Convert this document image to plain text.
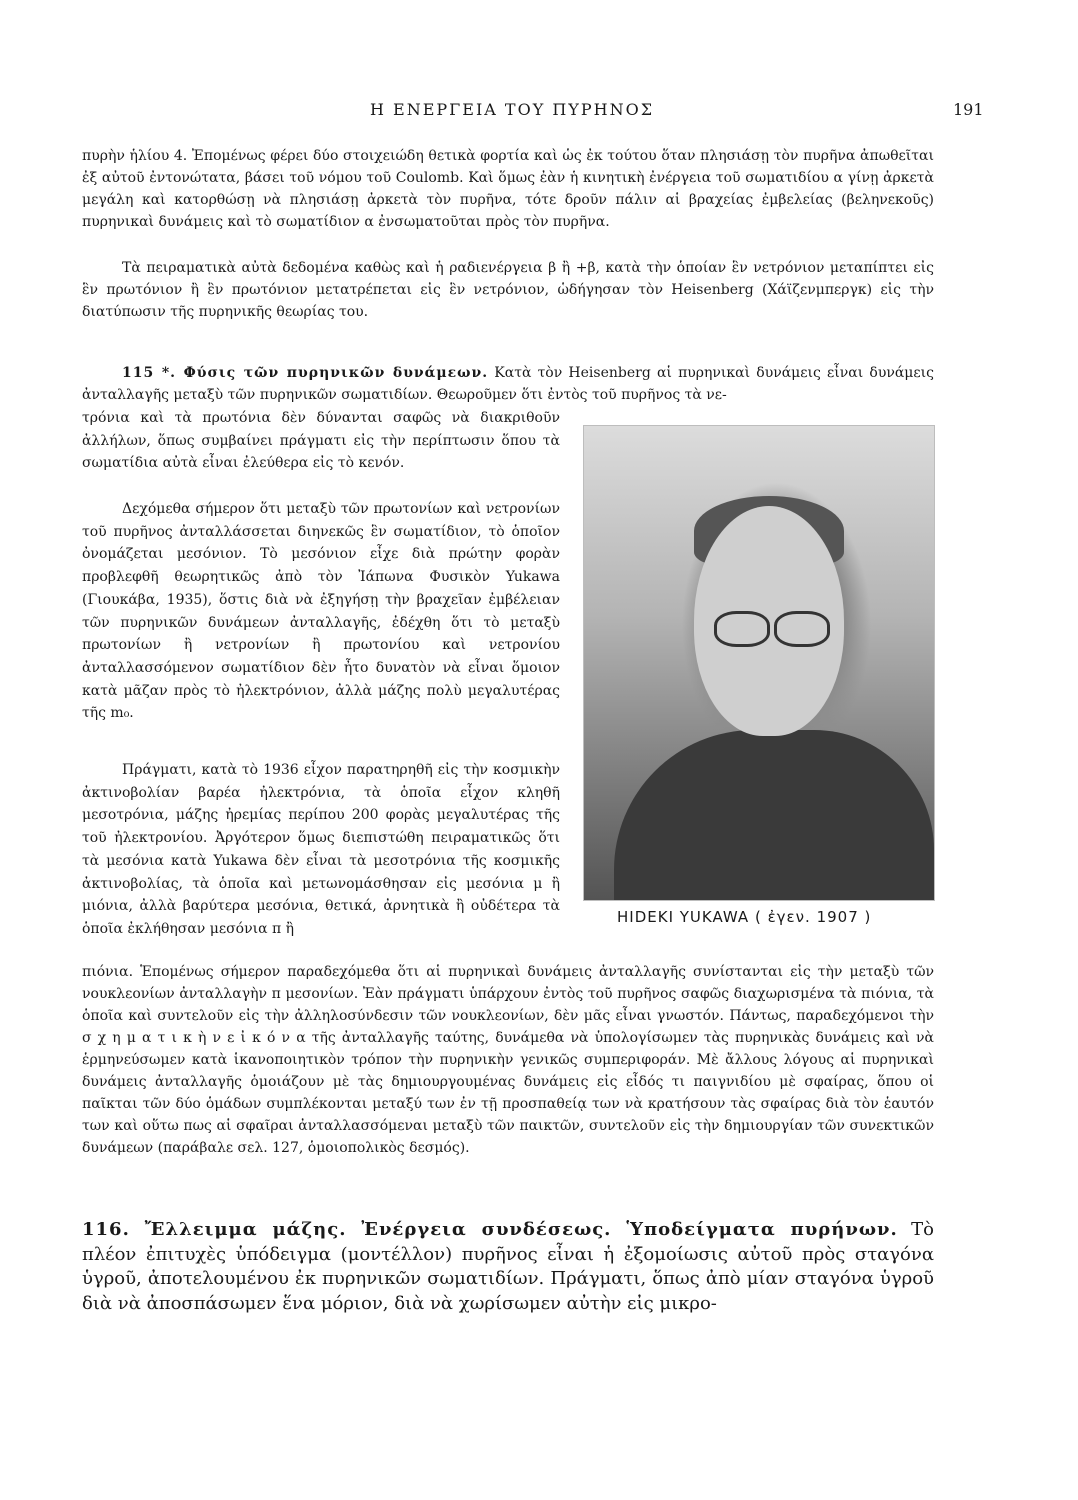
Η ΕΝΕΡΓΕΙΑ ΤΟΥ ΠΥΡΗΝΟΣ	191

πυρὴν ἡλίου 4. Ἐπομένως φέρει δύο στοιχειώδη θετικὰ φορτία καὶ ὡς ἐκ τούτου ὅταν πλησιάσῃ τὸν πυρῆνα ἀπωθεῖται ἐξ αὐτοῦ ἐντονώτατα, βάσει τοῦ νόμου τοῦ Coulomb. Καὶ ὅμως ἐὰν ἡ κινητικὴ ἐνέργεια τοῦ σωματιδίου α γίνῃ ἀρκετὰ μεγάλη καὶ κατορθώσῃ νὰ πλησιάσῃ ἀρκετὰ τὸν πυρῆνα, τότε δροῦν πάλιν αἱ βραχείας ἐμβελείας (βεληνεκοῦς) πυρηνικαὶ δυνάμεις καὶ τὸ σωματίδιον α ἐνσωματοῦται πρὸς τὸν πυρῆνα.

Τὰ πειραματικὰ αὐτὰ δεδομένα καθὼς καὶ ἡ ραδιενέργεια β ἢ +β, κατὰ τὴν ὁποίαν ἓν νετρόνιον μεταπίπτει εἰς ἓν πρωτόνιον ἢ ἓν πρωτόνιον μετατρέπεται εἰς ἓν νετρόνιον, ὡδήγησαν τὸν Heisenberg (Χάϊζενμπεργκ) εἰς τὴν διατύπωσιν τῆς πυρηνικῆς θεωρίας του.

115 *. Φύσις τῶν πυρηνικῶν δυνάμεων. Κατὰ τὸν Heisenberg αἱ πυρηνικαὶ δυνάμεις εἶναι δυνάμεις ἀνταλλαγῆς μεταξὺ τῶν πυρηνικῶν σωματιδίων. Θεωροῦμεν ὅτι ἐντὸς τοῦ πυρῆνος τὰ νε-

τρόνια καὶ τὰ πρωτόνια δὲν δύνανται σαφῶς νὰ διακριθοῦν ἀλλήλων, ὅπως συμβαίνει πράγματι εἰς τὴν περίπτωσιν ὅπου τὰ σωματίδια αὐτὰ εἶναι ἐλεύθερα εἰς τὸ κενόν.

Δεχόμεθα σήμερον ὅτι μεταξὺ τῶν πρωτονίων καὶ νετρονίων τοῦ πυρῆνος ἀνταλλάσσεται διηνεκῶς ἓν σωματίδιον, τὸ ὁποῖον ὀνομάζεται μεσόνιον. Τὸ μεσόνιον εἶχε διὰ πρώτην φορὰν προβλεφθῆ θεωρητικῶς ἀπὸ τὸν Ἰάπωνα Φυσικὸν Yukawa (Γιουκάβα, 1935), ὅστις διὰ νὰ ἐξηγήσῃ τὴν βραχεῖαν ἐμβέλειαν τῶν πυρηνικῶν δυνάμεων ἀνταλλαγῆς, ἐδέχθη ὅτι τὸ μεταξὺ πρωτονίων ἢ νετρονίων ἢ πρωτονίου καὶ νετρονίου ἀνταλλασσόμενον σωματίδιον δὲν ἦτο δυνατὸν νὰ εἶναι ὅμοιον κατὰ μᾶζαν πρὸς τὸ ἠλεκτρόνιον, ἀλλὰ μάζης πολὺ μεγαλυτέρας τῆς m₀.

Πράγματι, κατὰ τὸ 1936 εἶχον παρατηρηθῆ εἰς τὴν κοσμικὴν ἀκτινοβολίαν βαρέα ἠλεκτρόνια, τὰ ὁποῖα εἶχον κληθῆ μεσοτρόνια, μάζης ἠρεμίας περίπου 200 φορὰς μεγαλυτέρας τῆς τοῦ ἠλεκτρονίου. Ἀργότερον ὅμως διεπιστώθη πειραματικῶς ὅτι τὰ μεσόνια κατὰ Yukawa δὲν εἶναι τὰ μεσοτρόνια τῆς κοσμικῆς ἀκτινοβολίας, τὰ ὁποῖα καὶ μετωνομάσθησαν εἰς μεσόνια μ ἢ μιόνια, ἀλλὰ βαρύτερα μεσόνια, θετικά, ἀρνητικὰ ἢ οὐδέτερα τὰ ὁποῖα ἐκλήθησαν μεσόνια π ἢ

HIDEKI YUKAWA ( ἐγεν. 1907 )

πιόνια. Ἑπομένως σήμερον παραδεχόμεθα ὅτι αἱ πυρηνικαὶ δυνάμεις ἀνταλλαγῆς συνίστανται εἰς τὴν μεταξὺ τῶν νουκλεονίων ἀνταλλαγὴν π μεσονίων. Ἐὰν πράγματι ὑπάρχουν ἐντὸς τοῦ πυρῆνος σαφῶς διαχωρισμένα τὰ πιόνια, τὰ ὁποῖα καὶ συντελοῦν εἰς τὴν ἀλληλοσύνδεσιν τῶν νουκλεονίων, δὲν μᾶς εἶναι γνωστόν. Πάντως, παραδεχόμενοι τὴν σ χ η μ α τ ι κ ὴ ν ε ἰ κ ό ν α τῆς ἀνταλλαγῆς ταύτης, δυνάμεθα νὰ ὑπολογίσωμεν τὰς πυρηνικὰς δυνάμεις καὶ νὰ ἑρμηνεύσωμεν κατὰ ἱκανοποιητικὸν τρόπον τὴν πυρηνικὴν γενικῶς συμπεριφοράν. Μὲ ἄλλους λόγους αἱ πυρηνικαὶ δυνάμεις ἀνταλλαγῆς ὁμοιάζουν μὲ τὰς δημιουργουμένας δυνάμεις εἰς εἶδός τι παιγνιδίου μὲ σφαίρας, ὅπου οἱ παῖκται τῶν δύο ὁμάδων συμπλέκονται μεταξύ των ἐν τῇ προσπαθείᾳ των νὰ κρατήσουν τὰς σφαίρας διὰ τὸν ἑαυτόν των καὶ οὕτω πως αἱ σφαῖραι ἀνταλλασσόμεναι μεταξὺ τῶν παικτῶν, συντελοῦν εἰς τὴν δημιουργίαν τῶν συνεκτικῶν δυνάμεων (παράβαλε σελ. 127, ὁμοιοπολικὸς δεσμός).

116. Ἔλλειμμα μάζης. Ἐνέργεια συνδέσεως. Ὑποδείγματα πυρήνων. Τὸ πλέον ἐπιτυχὲς ὑπόδειγμα (μοντέλλον) πυρῆνος εἶναι ἡ ἐξομοίωσις αὐτοῦ πρὸς σταγόνα ὑγροῦ, ἀποτελουμένου ἐκ πυρηνικῶν σωματιδίων. Πράγματι, ὅπως ἀπὸ μίαν σταγόνα ὑγροῦ διὰ νὰ ἀποσπάσωμεν ἕνα μόριον, διὰ νὰ χωρίσωμεν αὐτὴν εἰς μικρο-
